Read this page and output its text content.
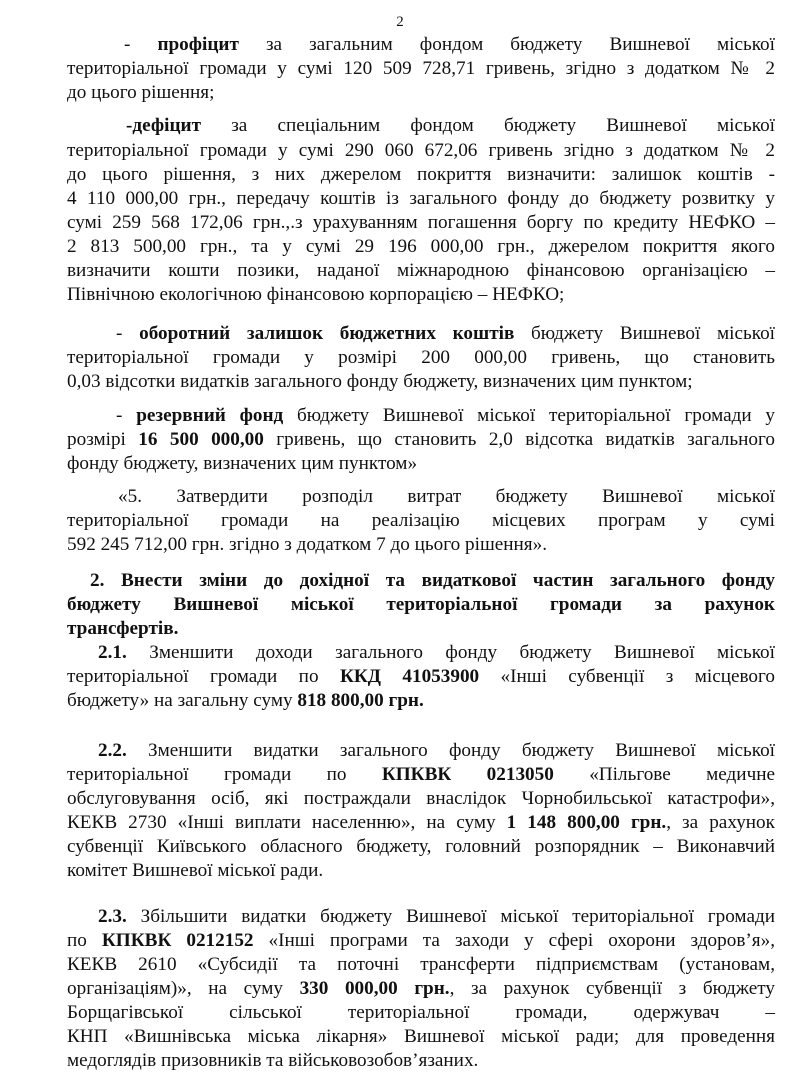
2
- профіцит за загальним фондом бюджету Вишневої міської
територіальної громади у сумі 120 509 728,71 гривень, згідно з додатком № 2
до цього рішення;
-дефіцит за спеціальним фондом бюджету Вишневої міської
територіальної громади у сумі 290 060 672,06 гривень згідно з додатком № 2
до цього рішення, з них джерелом покриття визначити: залишок коштів -
4 110 000,00 грн., передачу коштів із загального фонду до бюджету розвитку у
сумі 259 568 172,06 грн.,.з урахуванням погашення боргу по кредиту НЕФКО –
2 813 500,00 грн., та у сумі 29 196 000,00 грн., джерелом покриття якого
визначити кошти позики, наданої міжнародною фінансовою організацією –
Північною екологічною фінансовою корпорацією – НЕФКО;
- оборотний залишок бюджетних коштів бюджету Вишневої міської
територіальної громади у розмірі 200 000,00 гривень, що становить
0,03 відсотки видатків загального фонду бюджету, визначених цим пунктом;
- резервний фонд бюджету Вишневої міської територіальної громади у
розмірі 16 500 000,00 гривень, що становить 2,0 відсотка видатків загального
фонду бюджету, визначених цим пунктом»
«5. Затвердити розподіл витрат бюджету Вишневої міської
територіальної громади на реалізацію місцевих програм у сумі
592 245 712,00 грн. згідно з додатком 7 до цього рішення».
2. Внести зміни до дохідної та видаткової частин загального фонду
бюджету Вишневої міської територіальної громади за рахунок
трансфертів.
2.1. Зменшити доходи загального фонду бюджету Вишневої міської
територіальної громади по ККД 41053900 «Інші субвенції з місцевого
бюджету» на загальну суму 818 800,00 грн.
2.2. Зменшити видатки загального фонду бюджету Вишневої міської
територіальної громади по КПКВК 0213050 «Пільгове медичне
обслуговування осіб, які постраждали внаслідок Чорнобильської катастрофи»,
КЕКВ 2730 «Інші виплати населенню», на суму 1 148 800,00 грн., за рахунок
субвенції Київського обласного бюджету, головний розпорядник – Виконавчий
комітет Вишневої міської ради.
2.3. Збільшити видатки бюджету Вишневої міської територіальної громади
по КПКВК 0212152 «Інші програми та заходи у сфері охорони здоров’я»,
КЕКВ 2610 «Субсидії та поточні трансферти підприємствам (установам,
організаціям)», на суму 330 000,00 грн., за рахунок субвенції з бюджету
Борщагівської сільської територіальної громади, одержувач –
КНП «Вишнівська міська лікарня» Вишневої міської ради; для проведення
медоглядів призовників та військовозобов’язаних.
